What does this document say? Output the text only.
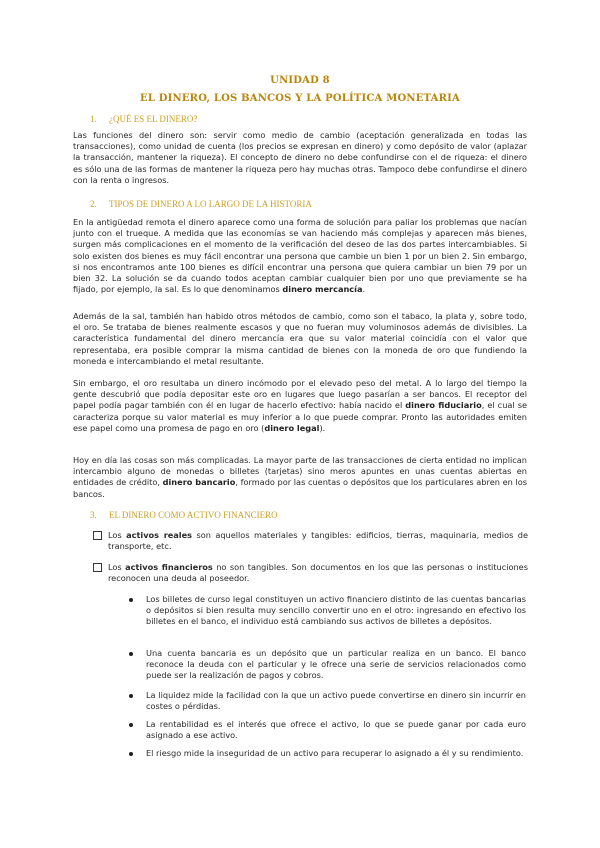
UNIDAD 8
EL DINERO, LOS BANCOS Y LA POLÍTICA MONETARIA
1. ¿QUÉ ES EL DINERO?
Las funciones del dinero son: servir como medio de cambio (aceptación generalizada en todas las transacciones), como unidad de cuenta (los precios se expresan en dinero) y como depósito de valor (aplazar la transacción, mantener la riqueza). El concepto de dinero no debe confundirse con el de riqueza: el dinero es sólo una de las formas de mantener la riqueza pero hay muchas otras. Tampoco debe confundirse el dinero con la renta o ingresos.
2. TIPOS DE DINERO A LO LARGO DE LA HISTORIA
En la antigüedad remota el dinero aparece como una forma de solución para paliar los problemas que nacían junto con el trueque. A medida que las economías se van haciendo más complejas y aparecen más bienes, surgen más complicaciones en el momento de la verificación del deseo de las dos partes intercambiables. Si solo existen dos bienes es muy fácil encontrar una persona que cambie un bien 1 por un bien 2. Sin embargo, si nos encontramos ante 100 bienes es difícil encontrar una persona que quiera cambiar un bien 79 por un bien 32. La solución se da cuando todos aceptan cambiar cualquier bien por uno que previamente se ha fijado, por ejemplo, la sal. Es lo que denominamos dinero mercancía.
Además de la sal, también han habido otros métodos de cambio, como son el tabaco, la plata y, sobre todo, el oro. Se trataba de bienes realmente escasos y que no fueran muy voluminosos además de divisibles. La característica fundamental del dinero mercancía era que su valor material coincidía con el valor que representaba, era posible comprar la misma cantidad de bienes con la moneda de oro que fundiendo la moneda e intercambiando el metal resultante.
Sin embargo, el oro resultaba un dinero incómodo por el elevado peso del metal. A lo largo del tiempo la gente descubrió que podía depositar este oro en lugares que luego pasarían a ser bancos. El receptor del papel podía pagar también con él en lugar de hacerlo efectivo: había nacido el dinero fiduciario, el cual se caracteriza porque su valor material es muy inferior a lo que puede comprar. Pronto las autoridades emiten ese papel como una promesa de pago en oro (dinero legal).
Hoy en día las cosas son más complicadas. La mayor parte de las transacciones de cierta entidad no implican intercambio alguno de monedas o billetes (tarjetas) sino meros apuntes en unas cuentas abiertas en entidades de crédito, dinero bancario, formado por las cuentas o depósitos que los particulares abren en los bancos.
3. EL DINERO COMO ACTIVO FINANCIERO
Los activos reales son aquellos materiales y tangibles: edificios, tierras, maquinaria, medios de transporte, etc.
Los activos financieros no son tangibles. Son documentos en los que las personas o instituciones reconocen una deuda al poseedor.
Los billetes de curso legal constituyen un activo financiero distinto de las cuentas bancarias o depósitos si bien resulta muy sencillo convertir uno en el otro: ingresando en efectivo los billetes en el banco, el individuo está cambiando sus activos de billetes a depósitos.
Una cuenta bancaria es un depósito que un particular realiza en un banco. El banco reconoce la deuda con el particular y le ofrece una serie de servicios relacionados como puede ser la realización de pagos y cobros.
La liquidez mide la facilidad con la que un activo puede convertirse en dinero sin incurrir en costes o pérdidas.
La rentabilidad es el interés que ofrece el activo, lo que se puede ganar por cada euro asignado a ese activo.
El riesgo mide la inseguridad de un activo para recuperar lo asignado a él y su rendimiento.
